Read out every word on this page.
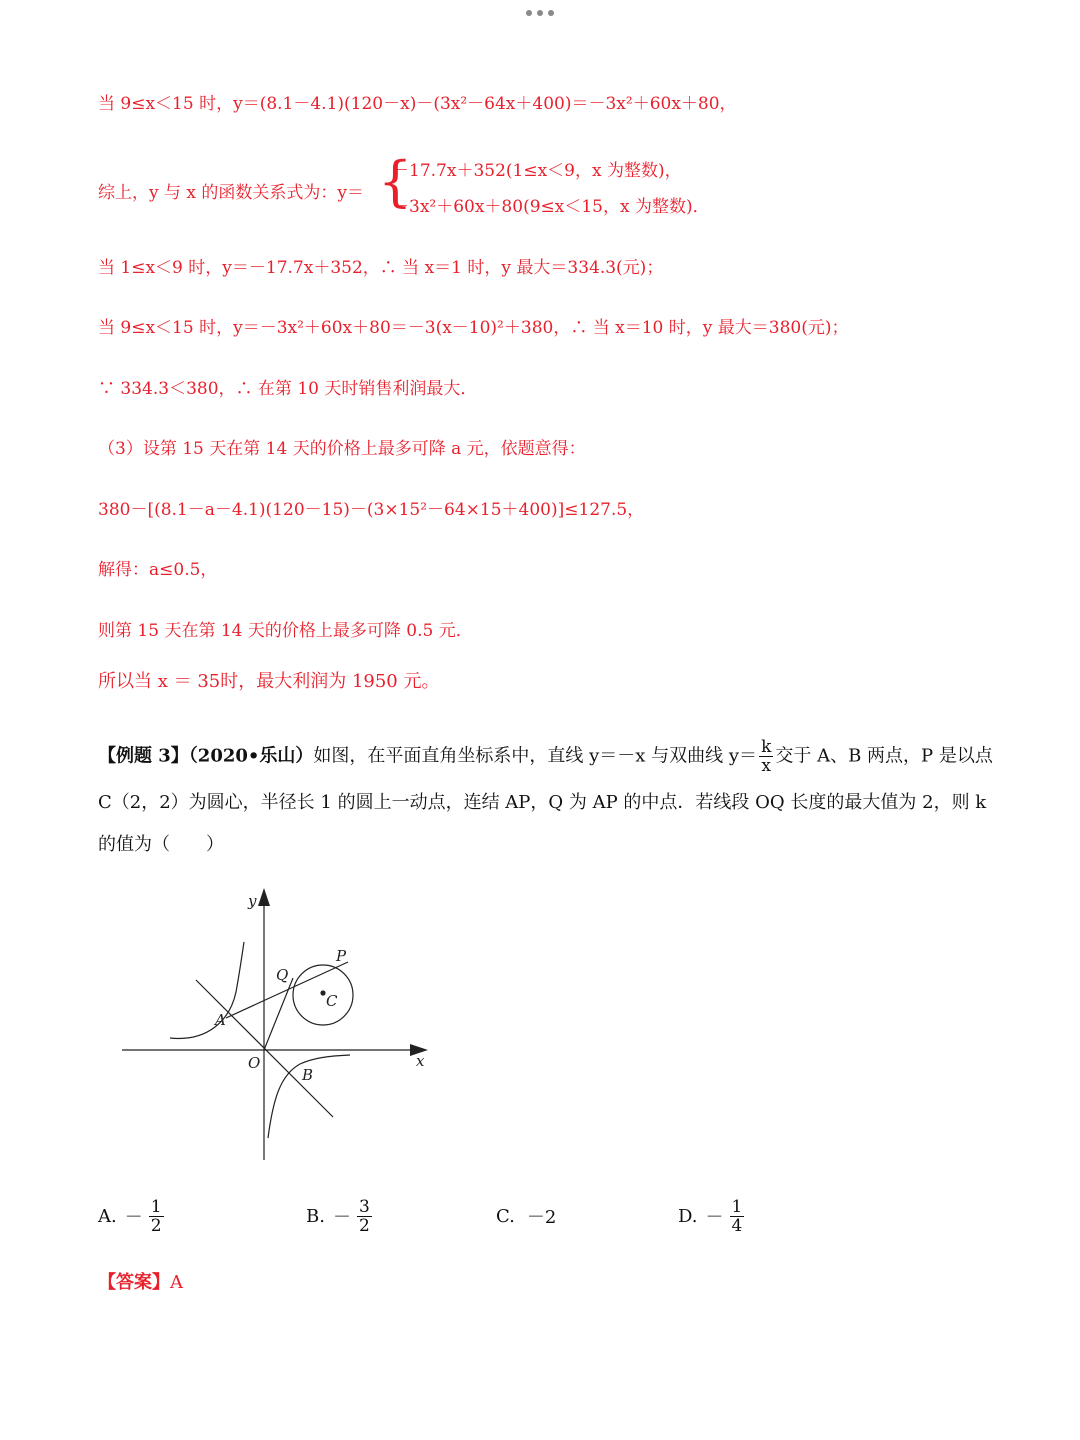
当 9≤x＜15 时，y＝(8.1－4.1)(120－x)－(3x²－64x＋400)＝－3x²＋60x＋80，
综上，y 与 x 的函数关系式为：y＝ {
－17.7x＋352(1≤x＜9，x 为整数)，
－3x²＋60x＋80(9≤x＜15，x 为整数)．
当 1≤x＜9 时，y＝－17.7x＋352，∴ 当 x＝1 时，y 最大＝334.3(元)；
当 9≤x＜15 时，y＝－3x²＋60x＋80＝－3(x－10)²＋380，∴ 当 x＝10 时，y 最大＝380(元)；
∵ 334.3＜380，∴ 在第 10 天时销售利润最大．
（3）设第 15 天在第 14 天的价格上最多可降 a 元，依题意得：
380－[(8.1－a－4.1)(120－15)－(3×15²－64×15＋400)]≤127.5，
解得：a≤0.5，
则第 15 天在第 14 天的价格上最多可降 0.5 元．
所以当 x ＝ 35时，最大利润为 1950 元。
【例题 3】（2020•乐山）如图，在平面直角坐标系中，直线 y＝－x 与双曲线 $y= \frac{k}{x}$ 交于 A、B 两点，P 是以点
C（2，2）为圆心，半径长 1 的圆上一动点，连结 AP，Q 为 AP 的中点．若线段 OQ 长度的最大值为 2，则 k
的值为（　　）
y
x
O
A
B
P
Q
C
A. － $\frac{1}{2}$	B. － $\frac{3}{2}$	C. －2	D. － $\frac{1}{4}$
【答案】A
